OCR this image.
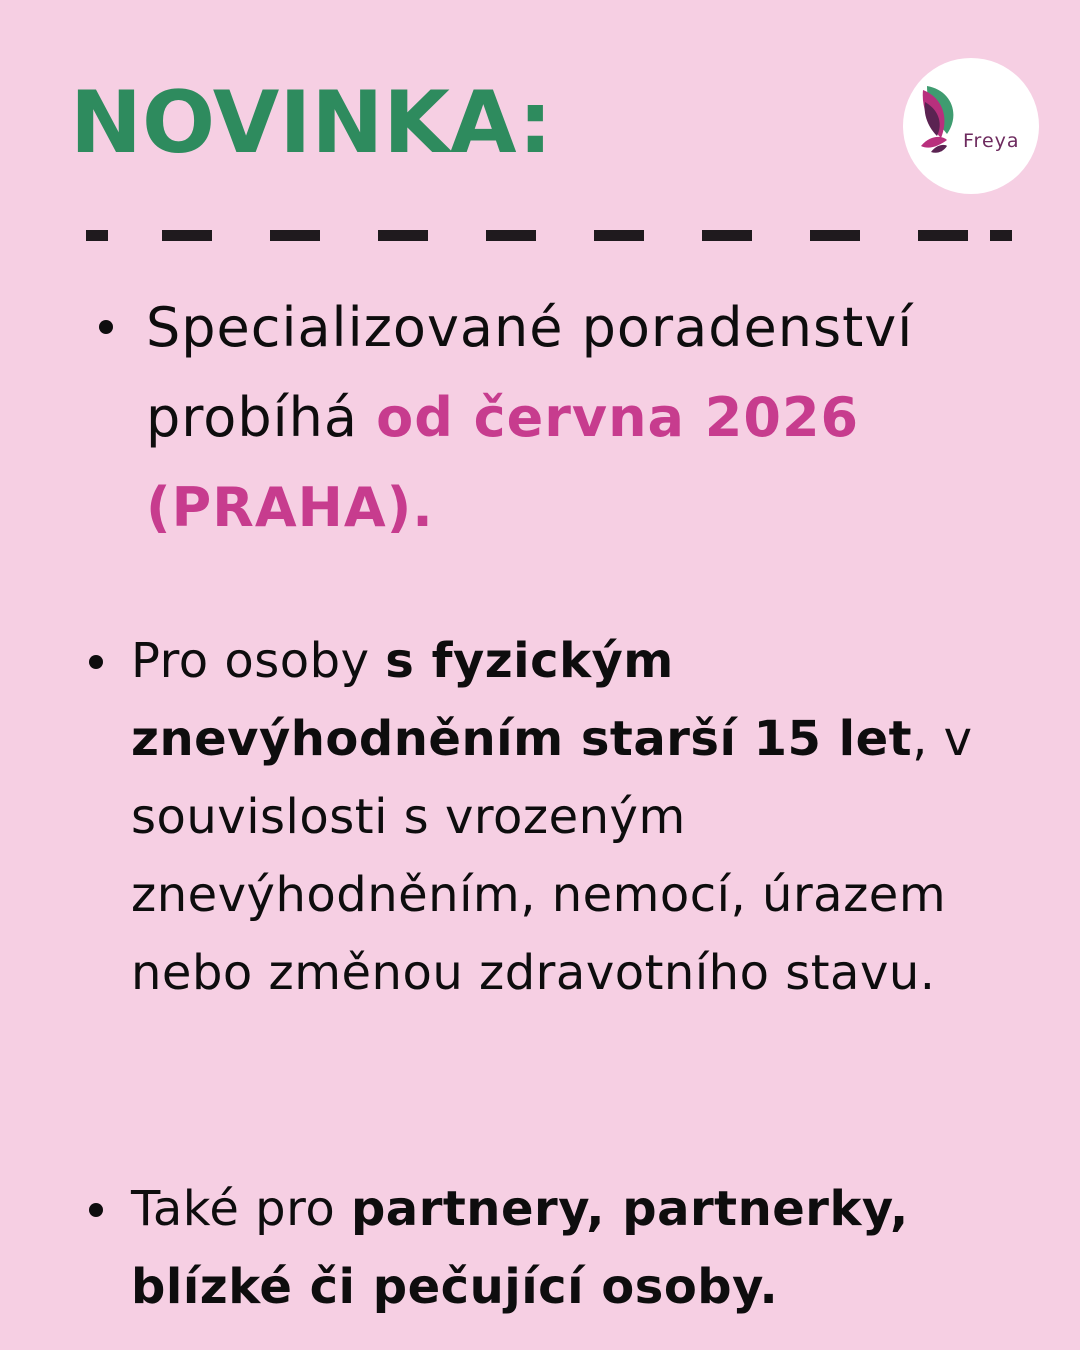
NOVINKA:	Freya

Specializované poradenství probíhá od června 2026 (PRAHA).

Pro osoby s fyzickým znevýhodněním starší 15 let, v souvislosti s vrozeným znevýhodněním, nemocí, úrazem nebo změnou zdravotního stavu.

Také pro partnery, partnerky, blízké či pečující osoby.
